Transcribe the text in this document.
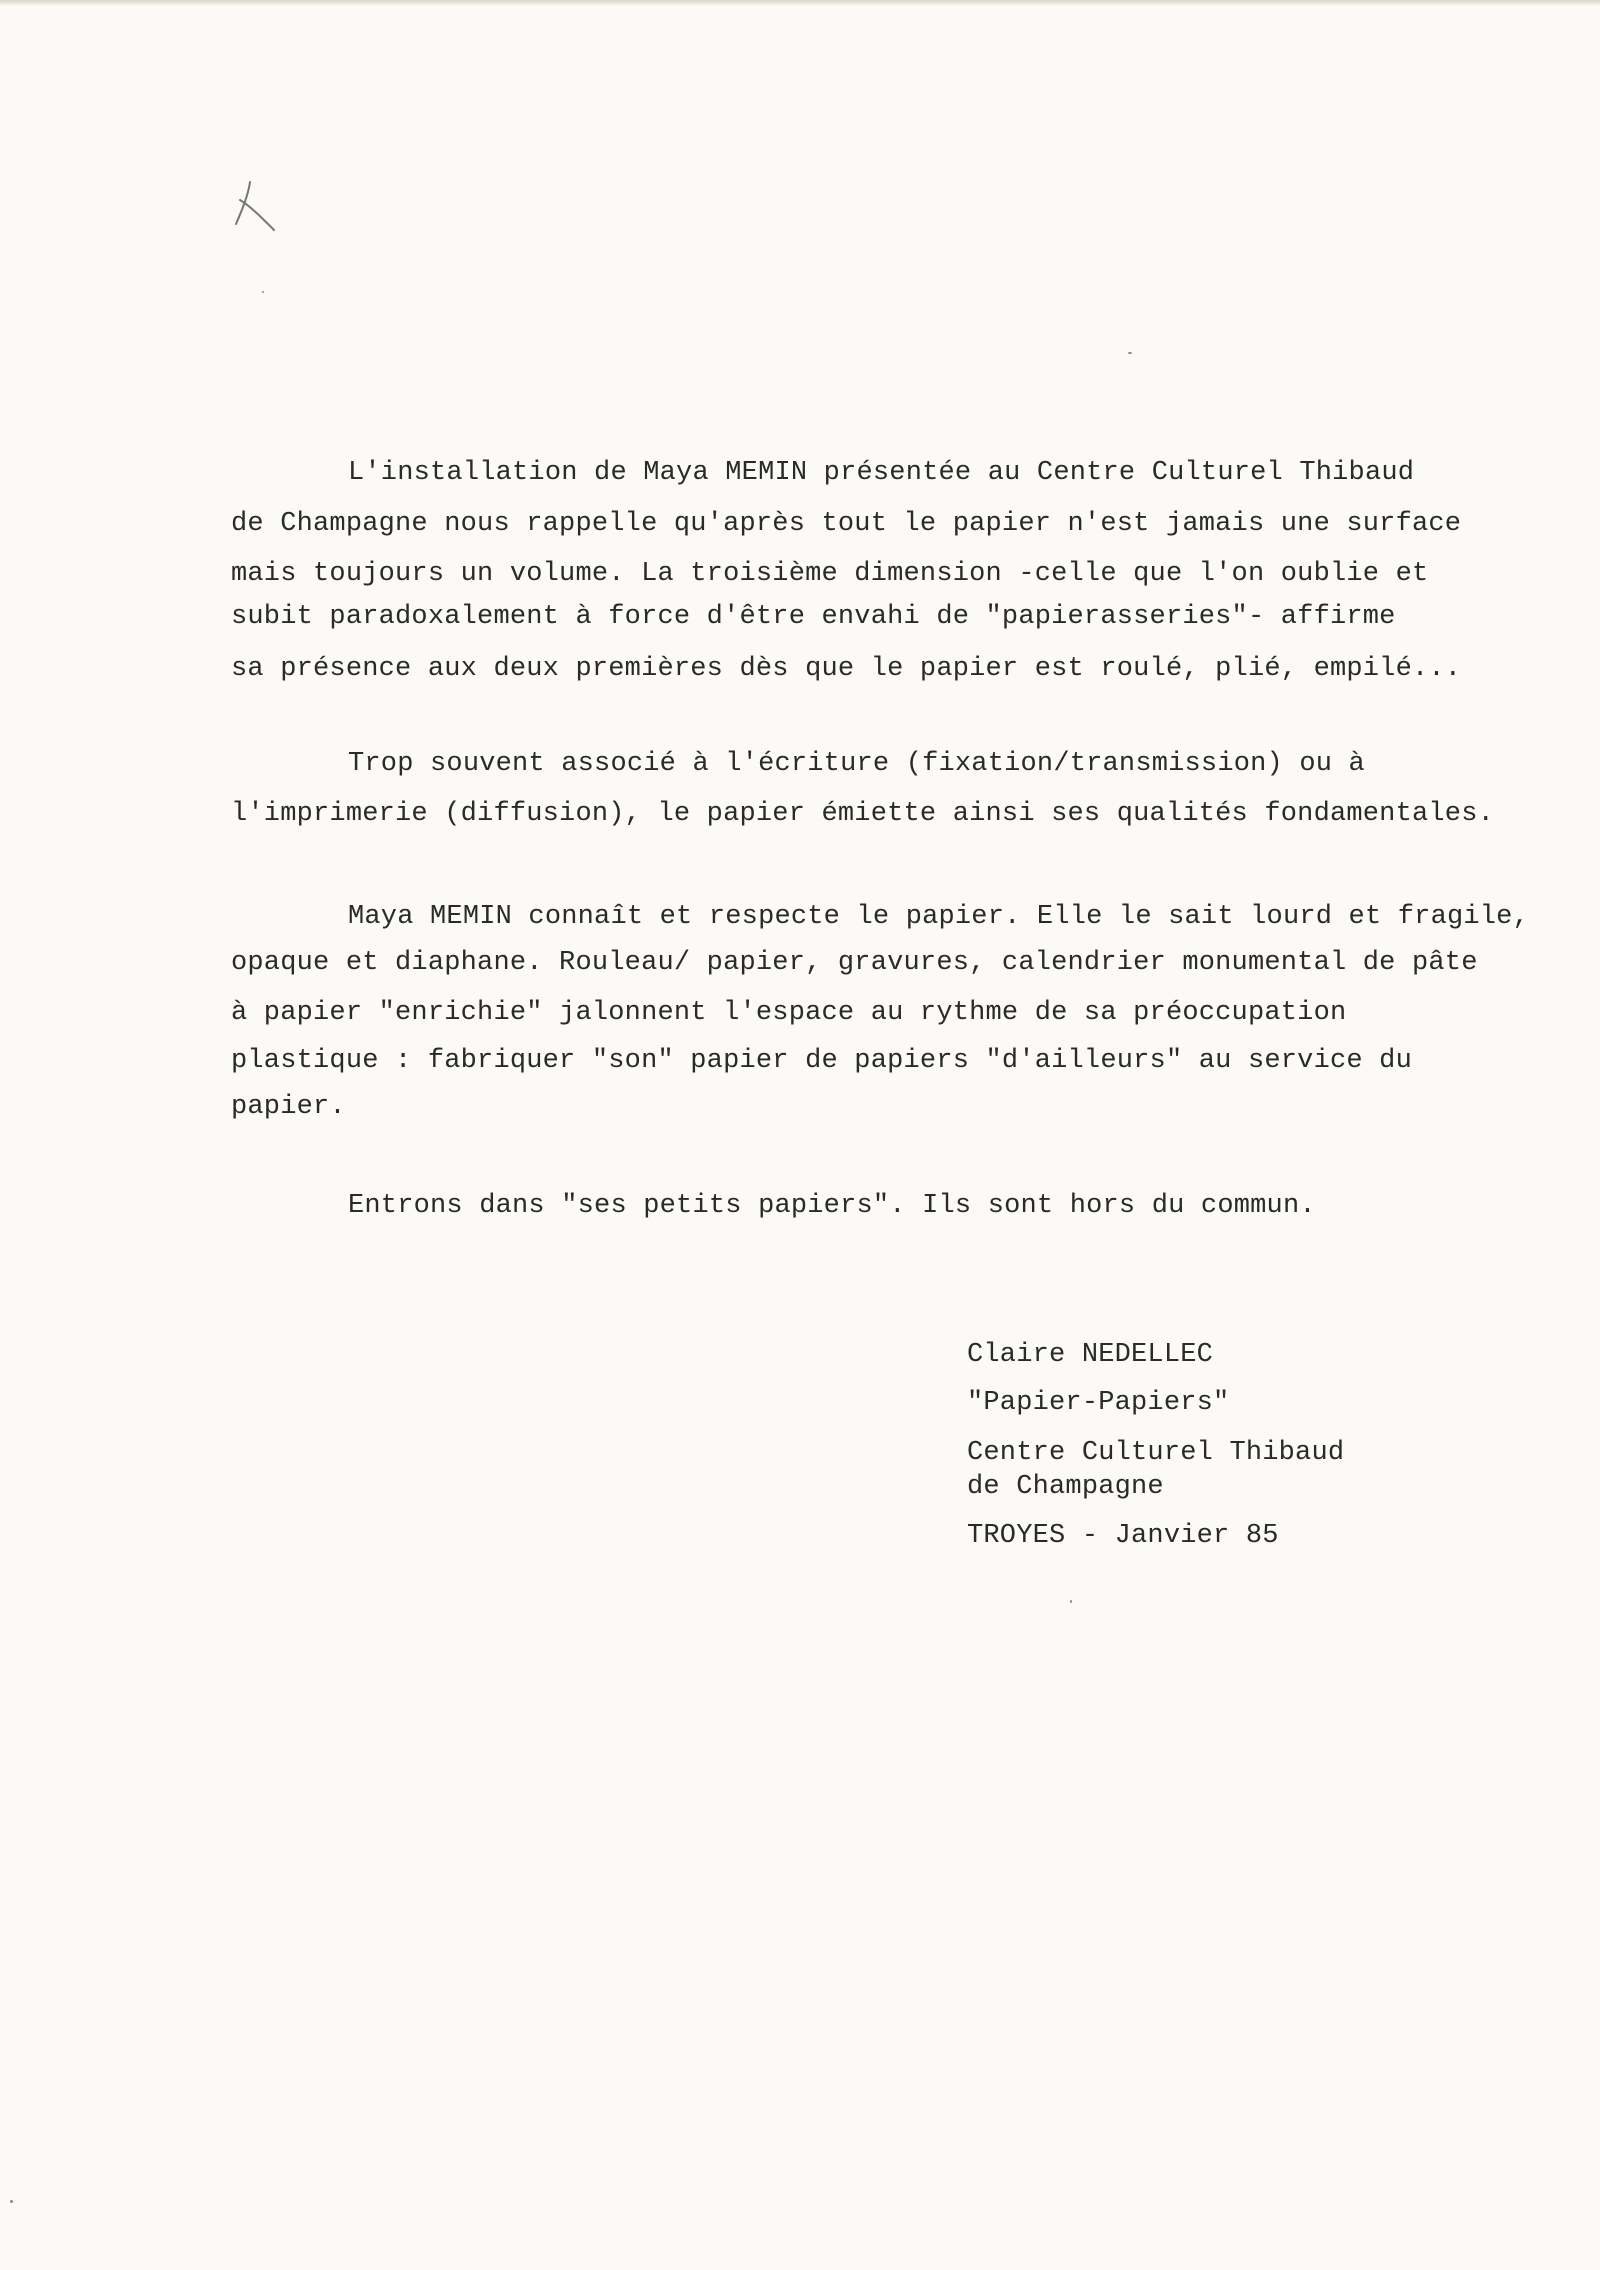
L'installation de Maya MEMIN présentée au Centre Culturel Thibaud

de Champagne nous rappelle qu'après tout le papier n'est jamais une surface

mais toujours un volume. La troisième dimension -celle que l'on oublie et

subit paradoxalement à force d'être envahi de "papierasseries"- affirme

sa présence aux deux premières dès que le papier est roulé, plié, empilé...

Trop souvent associé à l'écriture (fixation/transmission) ou à

l'imprimerie (diffusion), le papier émiette ainsi ses qualités fondamentales.

Maya MEMIN connaît et respecte le papier. Elle le sait lourd et fragile,

opaque et diaphane. Rouleau/ papier, gravures, calendrier monumental de pâte

à papier "enrichie" jalonnent l'espace au rythme de sa préoccupation

plastique : fabriquer "son" papier de papiers "d'ailleurs" au service du

papier.

Entrons dans "ses petits papiers". Ils sont hors du commun.

Claire NEDELLEC

"Papier-Papiers"

Centre Culturel Thibaud

de Champagne

TROYES - Janvier 85
